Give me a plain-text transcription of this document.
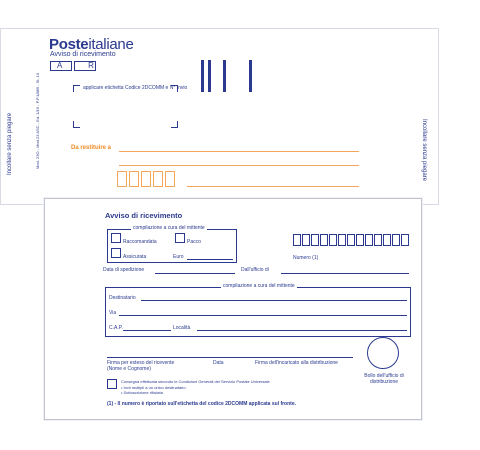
Posteitaliane
Avviso di ricevimento
A R
applicare etichetta Codice 2DCOMM e N° Invio
Da restituire a
Incollare senza piegare	Mod. 23O - Mod.23 ASC - Ed. 1/19 - P.P.1/889 - St. 10	Incollare senza piegare
Avviso di ricevimento
compilazione a cura del mittente
Raccomandata	Pacco
Assicurata	Euro	Numero (1)
Data di spedizione	Dall'ufficio di
compilazione a cura del mittente
Destinatario
Via
C.A.P.	Località
Firma per esteso del ricevente
(Nome e Cognome)
Data	Firma dell'incaricato alla distribuzione
Bollo dell'ufficio di distribuzione
Consegna effettuata secondo le Condizioni Generali del Servizio Postale Universale
• Invii multipli a un unico destinatario
• Sottoscrizione rifiutata
(1) - Il numero è riportato sull'etichetta del codice 2DCOMM applicata sul fronte.
